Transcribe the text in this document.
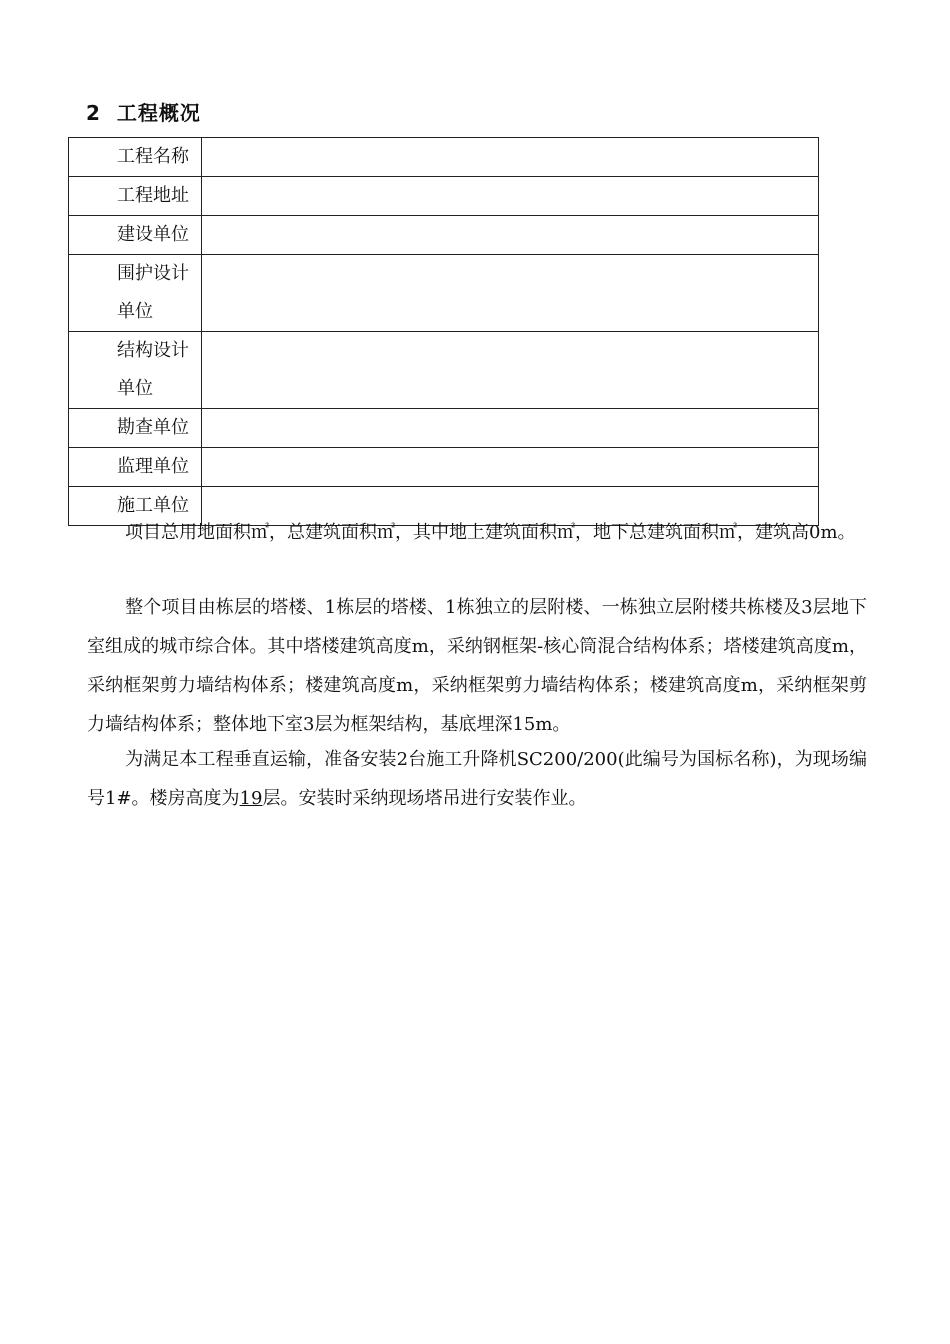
2 工程概况
工程名称	

工程地址	

建设单位	

围护设计
单位	

结构设计
单位	

勘查单位	

监理单位	

施工单位	

项目总用地面积㎡，总建筑面积㎡，其中地上建筑面积㎡，地下总建筑面积㎡，建筑高0m。

整个项目由栋层的塔楼、1栋层的塔楼、1栋独立的层附楼、一栋独立层附楼共栋楼及3层地下室组成的城市综合体。其中塔楼建筑高度m，采纳钢框架-核心筒混合结构体系；塔楼建筑高度m，采纳框架剪力墙结构体系；楼建筑高度m，采纳框架剪力墙结构体系；楼建筑高度m，采纳框架剪力墙结构体系；整体地下室3层为框架结构，基底埋深15m。

为满足本工程垂直运输，准备安装2台施工升降机SC200/200(此编号为国标名称)，为现场编号1#。楼房高度为19层。安装时采纳现场塔吊进行安装作业。
